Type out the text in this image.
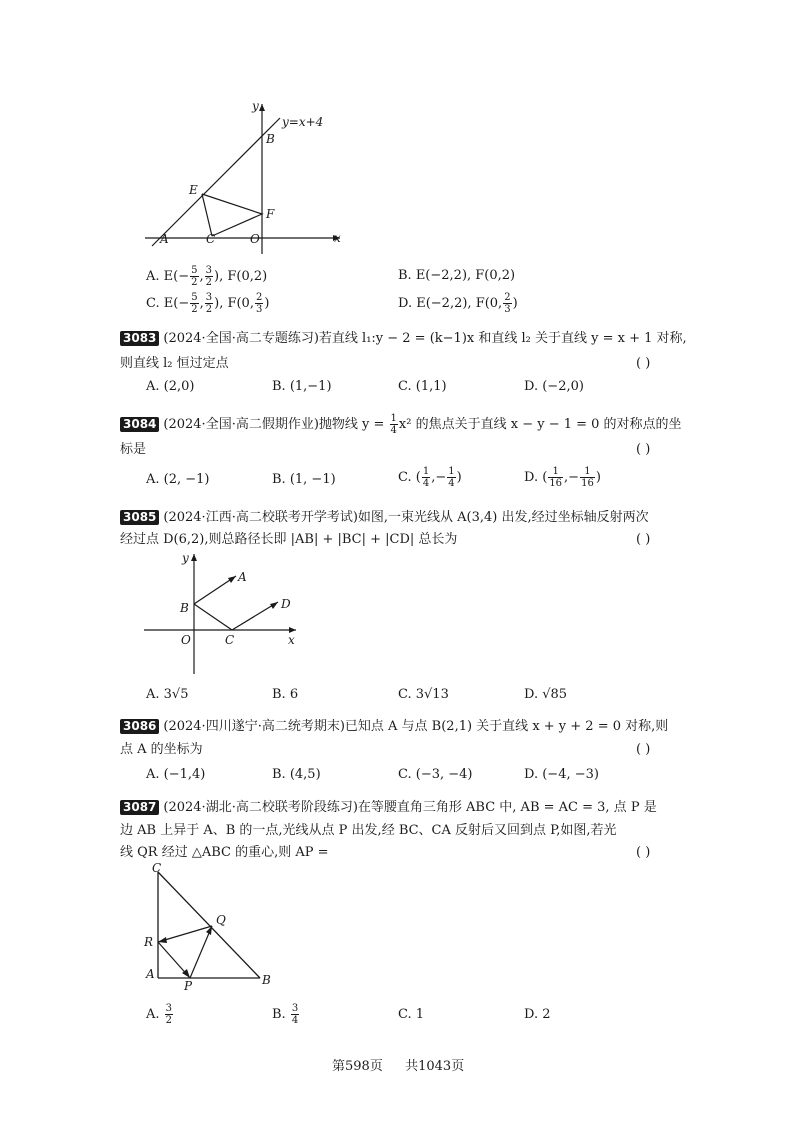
y
x
y=x+4
B
E
F
A	C	O
A. $E(- \frac{5}{2}$ , $\frac{3}{2}$ ), F(0,2)	B. E(−2,2), F(0,2)
C. $E(- \frac{5}{2}$ , $\frac{3}{2}$ ), F(0, $\frac{2}{3}$ )	D. E(−2,2), F(0, $\frac{2}{3}$ )
3083 (2024·全国·高二专题练习)若直线 l₁:y − 2 = (k−1)x 和直线 l₂ 关于直线 y = x + 1 对称,
则直线 l₂ 恒过定点	( )
A. (2,0)	B. (1,−1)	C. (1,1)	D. (−2,0)
3084 (2024·全国·高二假期作业)抛物线 $y = \frac{1}{4} x^2$ 的焦点关于直线 x − y − 1 = 0 的对称点的坐
标是	( )
A. (2, −1)	B. (1, −1)	C. ( $\frac{1}{4}$ ,− $\frac{1}{4}$ )	D. ( $\frac{1}{16}$ ,− $\frac{1}{16}$ )
3085 (2024·江西·高二校联考开学考试)如图,一束光线从 A(3,4) 出发,经过坐标轴反射两次
经过点 D(6,2),则总路径长即 |AB| + |BC| + |CD| 总长为	( )
y
x
A
B	D
O	C
A. 3√5	B. 6	C. 3√13	D. √85
3086 (2024·四川遂宁·高二统考期末)已知点 A 与点 B(2,1) 关于直线 x + y + 2 = 0 对称,则
点 A 的坐标为	( )
A. (−1,4)	B. (4,5)	C. (−3, −4)	D. (−4, −3)
3087 (2024·湖北·高二校联考阶段练习)在等腰直角三角形 ABC 中, AB = AC = 3, 点 P 是
边 AB 上异于 A、B 的一点,光线从点 P 出发,经 BC、CA 反射后又回到点 P,如图,若光
线 QR 经过 △ABC 的重心,则 AP =	( )
C
Q
R
A
P	B
A. $\frac{3}{2}$	B. $\frac{3}{4}$	C. 1	D. 2
第598页 共1043页
